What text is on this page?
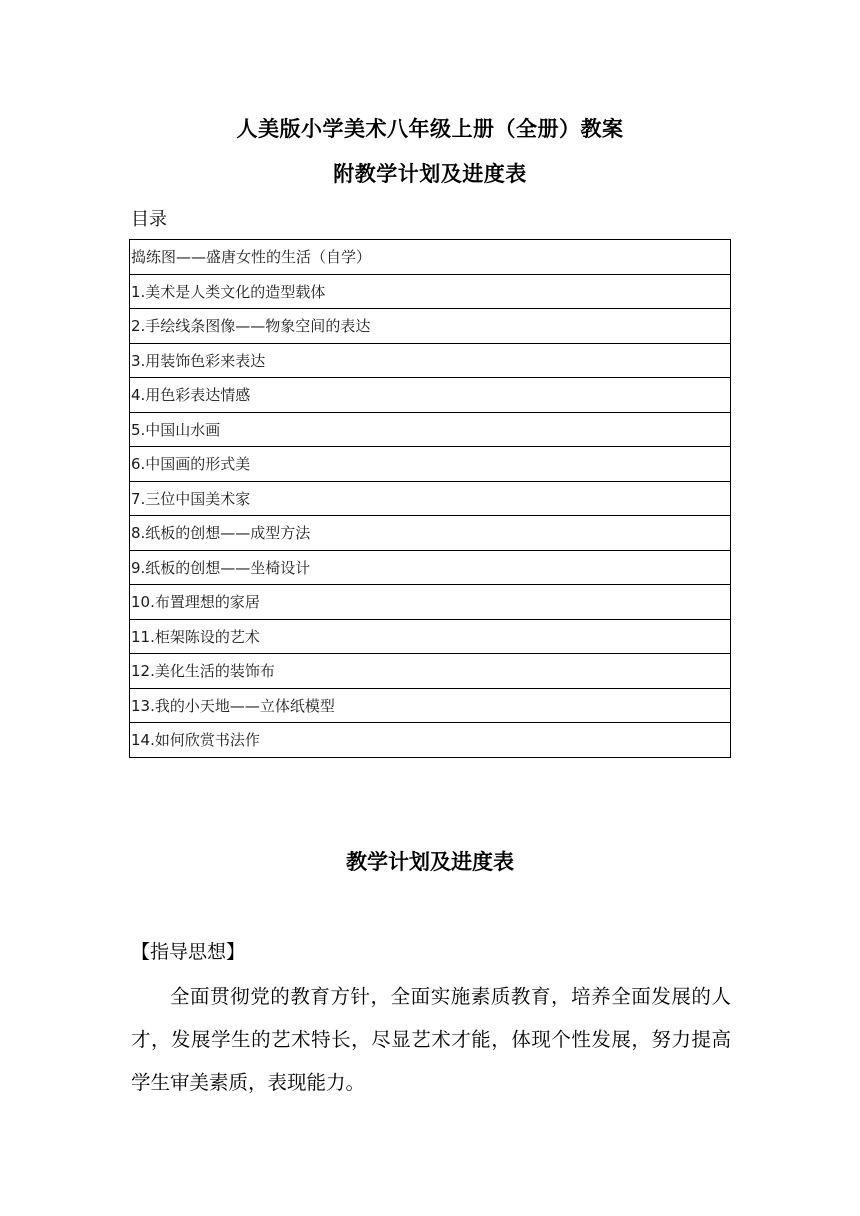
人美版小学美术八年级上册（全册）教案
附教学计划及进度表
目录
捣练图——盛唐女性的生活（自学）
1.美术是人类文化的造型载体
2.手绘线条图像——物象空间的表达
3.用装饰色彩来表达
4.用色彩表达情感
5.中国山水画
6.中国画的形式美
7.三位中国美术家
8.纸板的创想——成型方法
9.纸板的创想——坐椅设计
10.布置理想的家居
11.柜架陈设的艺术
12.美化生活的装饰布
13.我的小天地——立体纸模型
14.如何欣赏书法作
教学计划及进度表
【指导思想】

全面贯彻党的教育方针，全面实施素质教育，培养全面发展的人才，发展学生的艺术特长，尽显艺术才能，体现个性发展，努力提高学生审美素质，表现能力。
